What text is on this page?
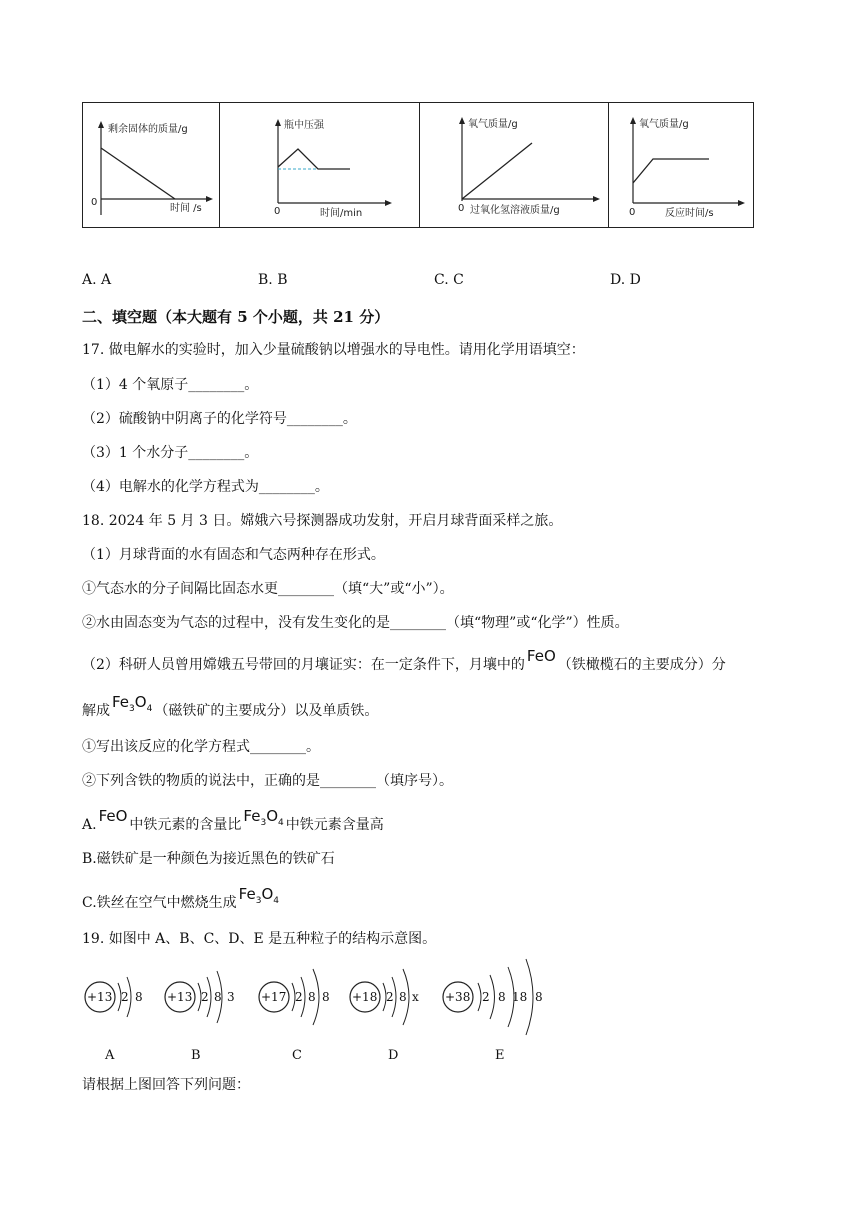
剩余固体的质量/g
0
时间 /s
瓶中压强
0	时间/min
氧气质量/g
0 过氧化氢溶液质量/g
氧气质量/g
0	反应时间/s
A. A	B. B	C. C	D. D
二、填空题（本大题有 5 个小题，共 21 分）
17. 做电解水的实验时，加入少量硫酸钠以增强水的导电性。请用化学用语填空：
（1）4 个氧原子________。
（2）硫酸钠中阴离子的化学符号________。
（3）1 个水分子________。
（4）电解水的化学方程式为________。
18. 2024 年 5 月 3 日。嫦娥六号探测器成功发射，开启月球背面采样之旅。
（1）月球背面的水有固态和气态两种存在形式。
①气态水的分子间隔比固态水更________（填“大”或“小”）。
②水由固态变为气态的过程中，没有发生变化的是________（填“物理”或“化学”）性质。
（2）科研人员曾用嫦娥五号带回的月壤证实：在一定条件下，月壤中的 FeO （铁橄榄石的主要成分）分
解成 $Fe_3O_4$ （磁铁矿的主要成分）以及单质铁。
①写出该反应的化学方程式________。
②下列含铁的物质的说法中，正确的是________（填序号）。
A. FeO 中铁元素的含量比 $Fe_3O_4$ 中铁元素含量高
B.磁铁矿是一种颜色为接近黑色的铁矿石
C.铁丝在空气中燃烧生成 $Fe_3O_4$
19. 如图中 A、B、C、D、E 是五种粒子的结构示意图。
+13 2 8
A
+13 2 8 3
B
+17 2 8 8
C
+18 2 8 x
D
+38 2 8 18 8
E
请根据上图回答下列问题：
